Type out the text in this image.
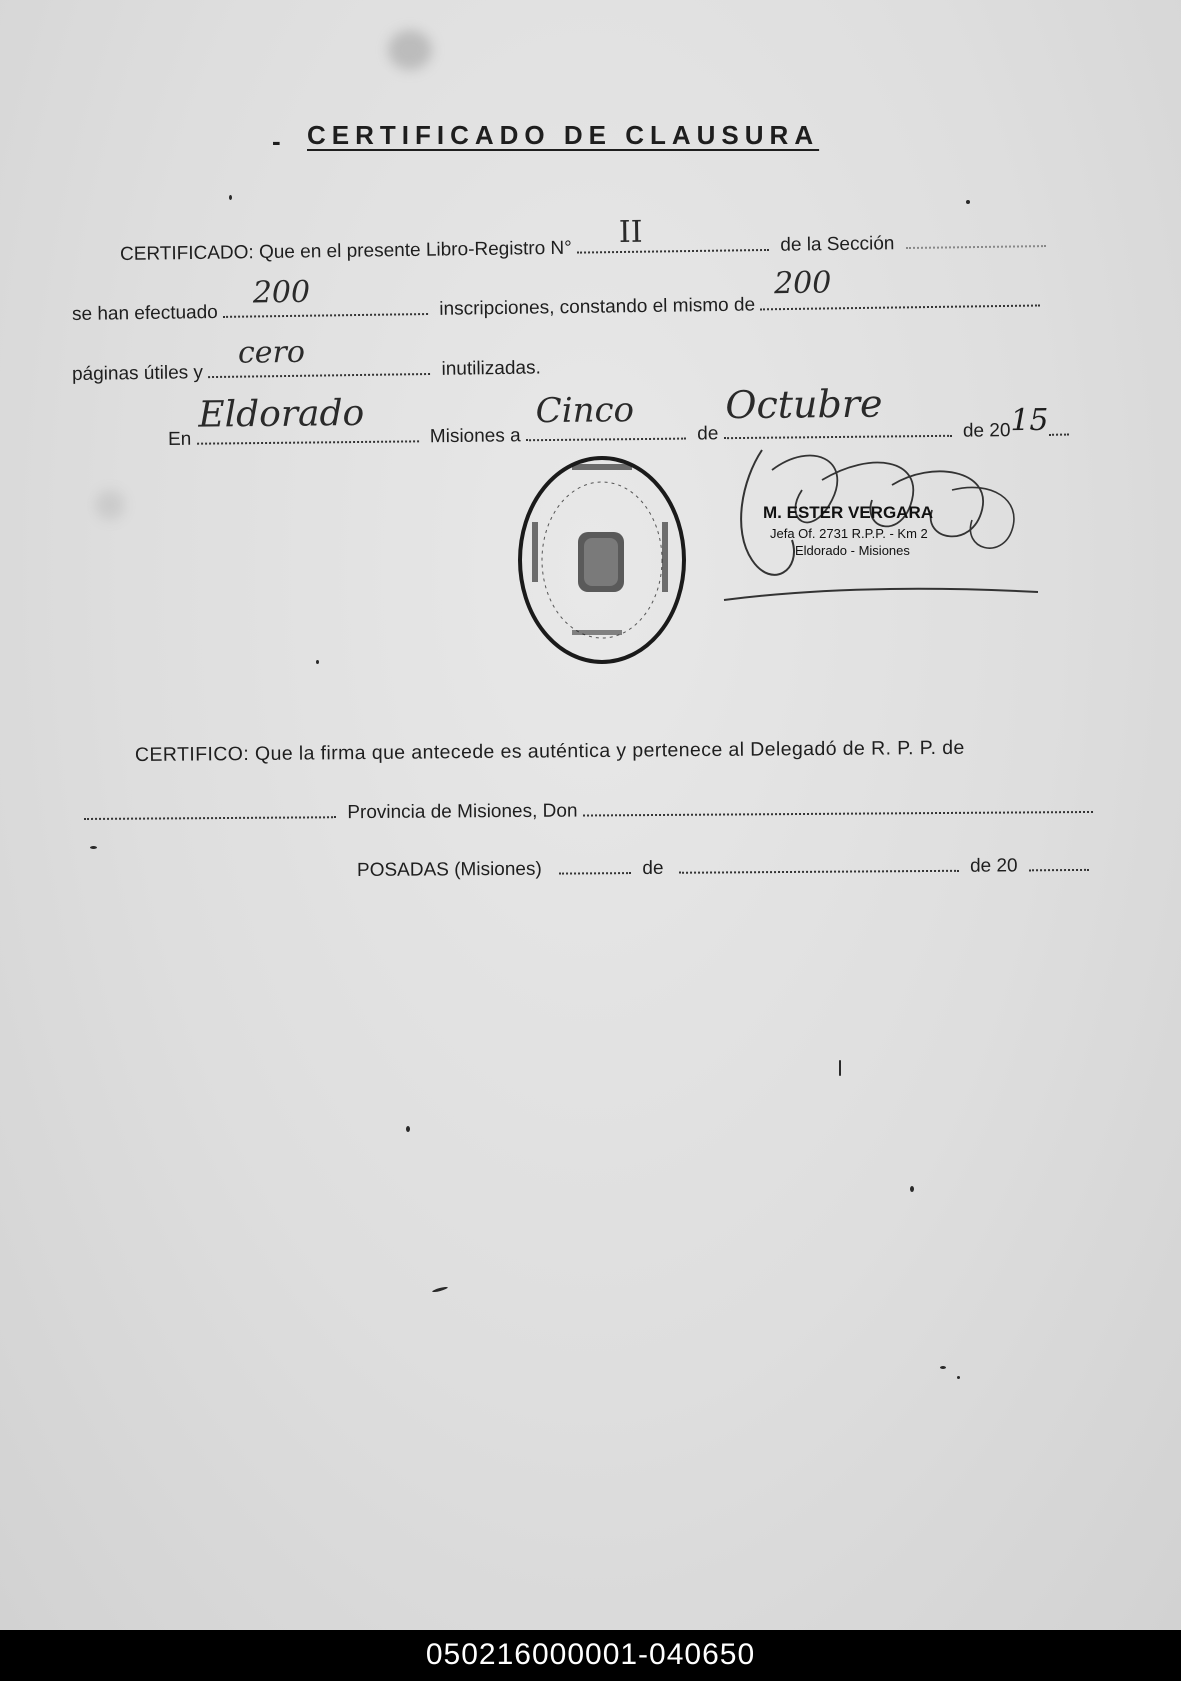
- CERTIFICADO DE CLAUSURA
CERTIFICADO: Que en el presente Libro-Registro N°
II	de la Sección
se han efectuado
200	inscripciones, constando el mismo de
200
páginas útiles y
cero	inutilizadas.
En
Eldorado
Misiones a
Cinco
de
Octubre
de 2015
M. ESTER VERGARA
Jefa Of. 2731 R.P.P. - Km 2
Eldorado - Misiones
CERTIFICO: Que la firma que antecede es auténtica y pertenece al Delegadó de R. P. P. de
Provincia de Misiones, Don
POSADAS (Misiones)	de	de 20
050216000001-040650
